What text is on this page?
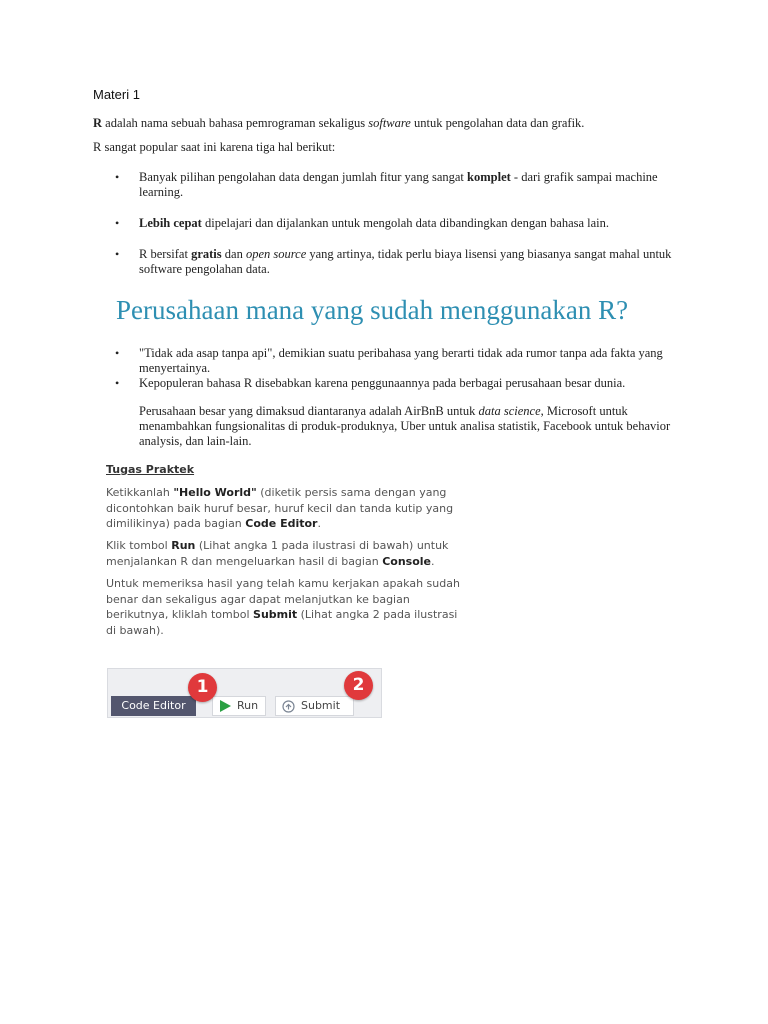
Materi 1
R adalah nama sebuah bahasa pemrograman sekaligus software untuk pengolahan data dan grafik.
R sangat popular saat ini karena tiga hal berikut:
• Banyak pilihan pengolahan data dengan jumlah fitur yang sangat komplet - dari grafik sampai machine learning.
• Lebih cepat dipelajari dan dijalankan untuk mengolah data dibandingkan dengan bahasa lain.
• R bersifat gratis dan open source yang artinya, tidak perlu biaya lisensi yang biasanya sangat mahal untuk software pengolahan data.
Perusahaan mana yang sudah menggunakan R?
• "Tidak ada asap tanpa api", demikian suatu peribahasa yang berarti tidak ada rumor tanpa ada fakta yang menyertainya.
• Kepopuleran bahasa R disebabkan karena penggunaannya pada berbagai perusahaan besar dunia.
Perusahaan besar yang dimaksud diantaranya adalah AirBnB untuk data science, Microsoft untuk menambahkan fungsionalitas di produk-produknya, Uber untuk analisa statistik, Facebook untuk behavior analysis, dan lain-lain.
Tugas Praktek
Ketikkanlah "Hello World" (diketik persis sama dengan yang dicontohkan baik huruf besar, huruf kecil dan tanda kutip yang dimilikinya) pada bagian Code Editor.
Klik tombol Run (Lihat angka 1 pada ilustrasi di bawah) untuk menjalankan R dan mengeluarkan hasil di bagian Console.
Untuk memeriksa hasil yang telah kamu kerjakan apakah sudah benar dan sekaligus agar dapat melanjutkan ke bagian berikutnya, kliklah tombol Submit (Lihat angka 2 pada ilustrasi di bawah).
Code Editor	Run	Submit
1	2
